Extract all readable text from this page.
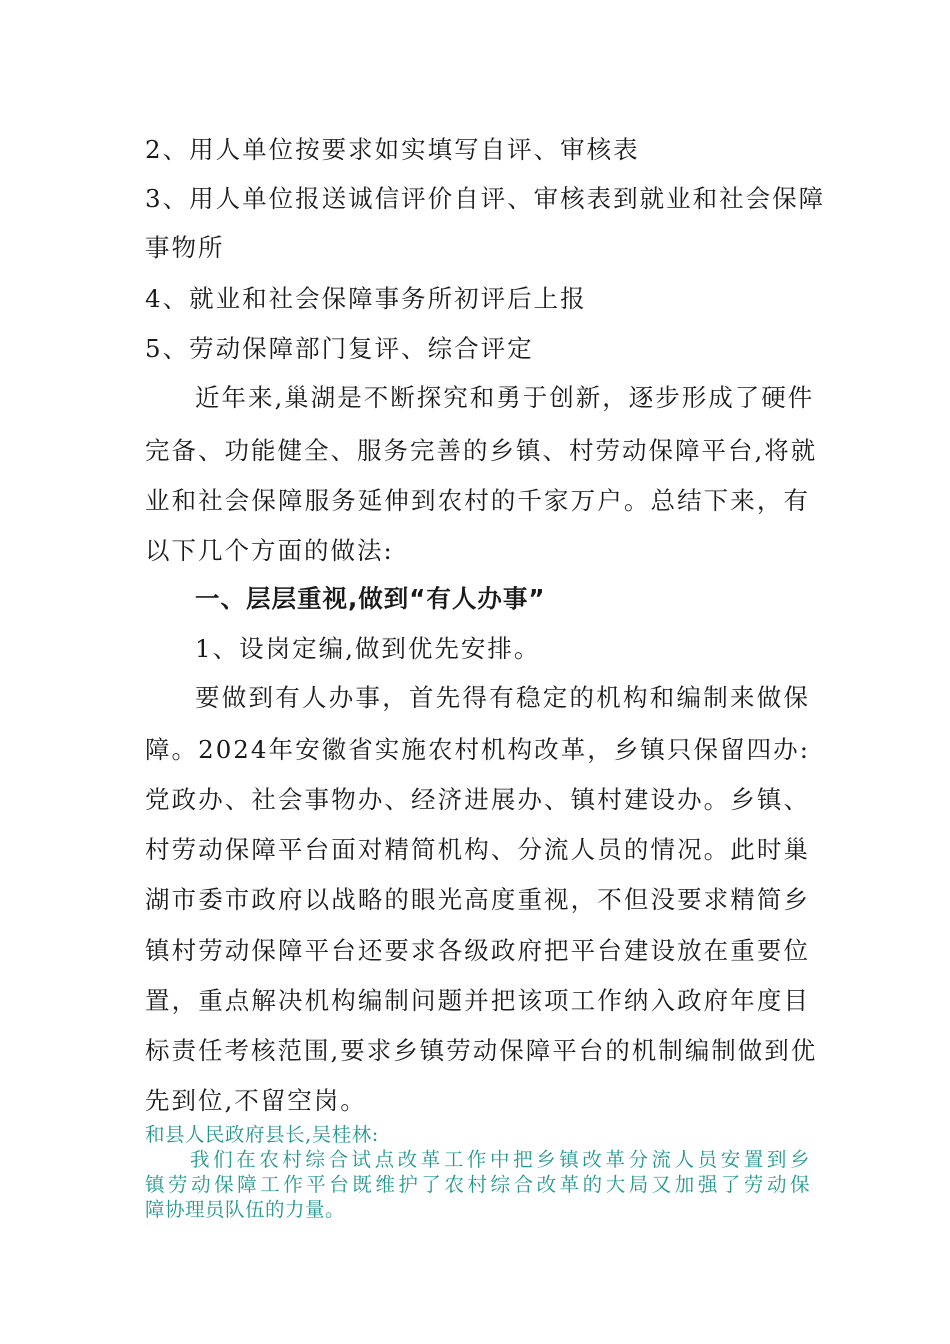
2、用人单位按要求如实填写自评、审核表
3、用人单位报送诚信评价自评、审核表到就业和社会保障
事物所
4、就业和社会保障事务所初评后上报
5、劳动保障部门复评、综合评定
近年来,巢湖是不断探究和勇于创新，逐步形成了硬件
完备、功能健全、服务完善的乡镇、村劳动保障平台,将就
业和社会保障服务延伸到农村的千家万户。总结下来，有
以下几个方面的做法:
一、层层重视,做到“有人办事”
1、设岗定编,做到优先安排。
要做到有人办事，首先得有稳定的机构和编制来做保
障。2024年安徽省实施农村机构改革，乡镇只保留四办:
党政办、社会事物办、经济进展办、镇村建设办。乡镇、
村劳动保障平台面对精简机构、分流人员的情况。此时巢
湖市委市政府以战略的眼光高度重视，不但没要求精简乡
镇村劳动保障平台还要求各级政府把平台建设放在重要位
置，重点解决机构编制问题并把该项工作纳入政府年度目
标责任考核范围,要求乡镇劳动保障平台的机制编制做到优
先到位,不留空岗。
和县人民政府县长,吴桂林:
我们在农村综合试点改革工作中把乡镇改革分流人员安置到乡
镇劳动保障工作平台既维护了农村综合改革的大局又加强了劳动保
障协理员队伍的力量。
